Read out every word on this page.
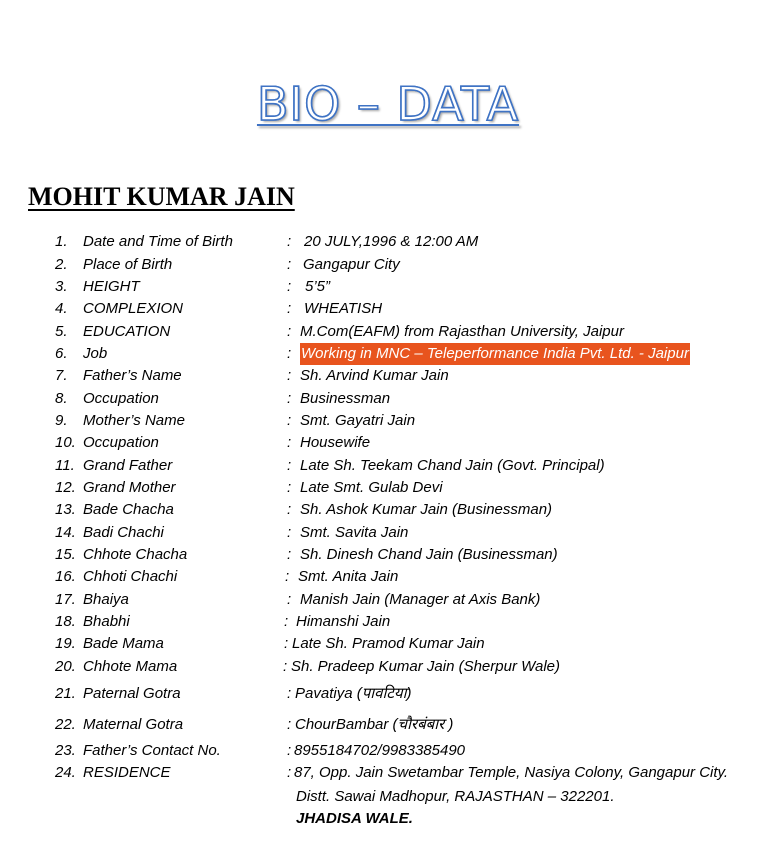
BIO – DATA
MOHIT KUMAR JAIN
1. Date and Time of Birth	: 20 JULY,1996 & 12:00 AM
2. Place of Birth	: Gangapur City
3. HEIGHT	: 5’5”
4. COMPLEXION	: WHEATISH
5. EDUCATION	: M.Com(EAFM) from Rajasthan University, Jaipur
6. Job	: Working in MNC – Teleperformance India Pvt. Ltd. - Jaipur
7. Father’s Name	: Sh. Arvind Kumar Jain
8. Occupation	: Businessman
9. Mother’s Name	: Smt. Gayatri Jain
10. Occupation	: Housewife
11. Grand Father	: Late Sh. Teekam Chand Jain (Govt. Principal)
12. Grand Mother	: Late Smt. Gulab Devi
13. Bade Chacha	: Sh. Ashok Kumar Jain (Businessman)
14. Badi Chachi	: Smt. Savita Jain
15. Chhote Chacha	: Sh. Dinesh Chand Jain (Businessman)
16. Chhoti Chachi	: Smt. Anita Jain
17. Bhaiya	: Manish Jain (Manager at Axis Bank)
18. Bhabhi	: Himanshi Jain
19. Bade Mama	: Late Sh. Pramod Kumar Jain
20. Chhote Mama	: Sh. Pradeep Kumar Jain (Sherpur Wale)
21. Paternal Gotra	: Pavatiya (पावटिया)
22. Maternal Gotra	: ChourBambar (चौरबंबार )
23. Father’s Contact No.	: 8955184702/9983385490
24. RESIDENCE	: 87, Opp. Jain Swetambar Temple, Nasiya Colony, Gangapur City.
Distt. Sawai Madhopur, RAJASTHAN – 322201.
JHADISA WALE.
